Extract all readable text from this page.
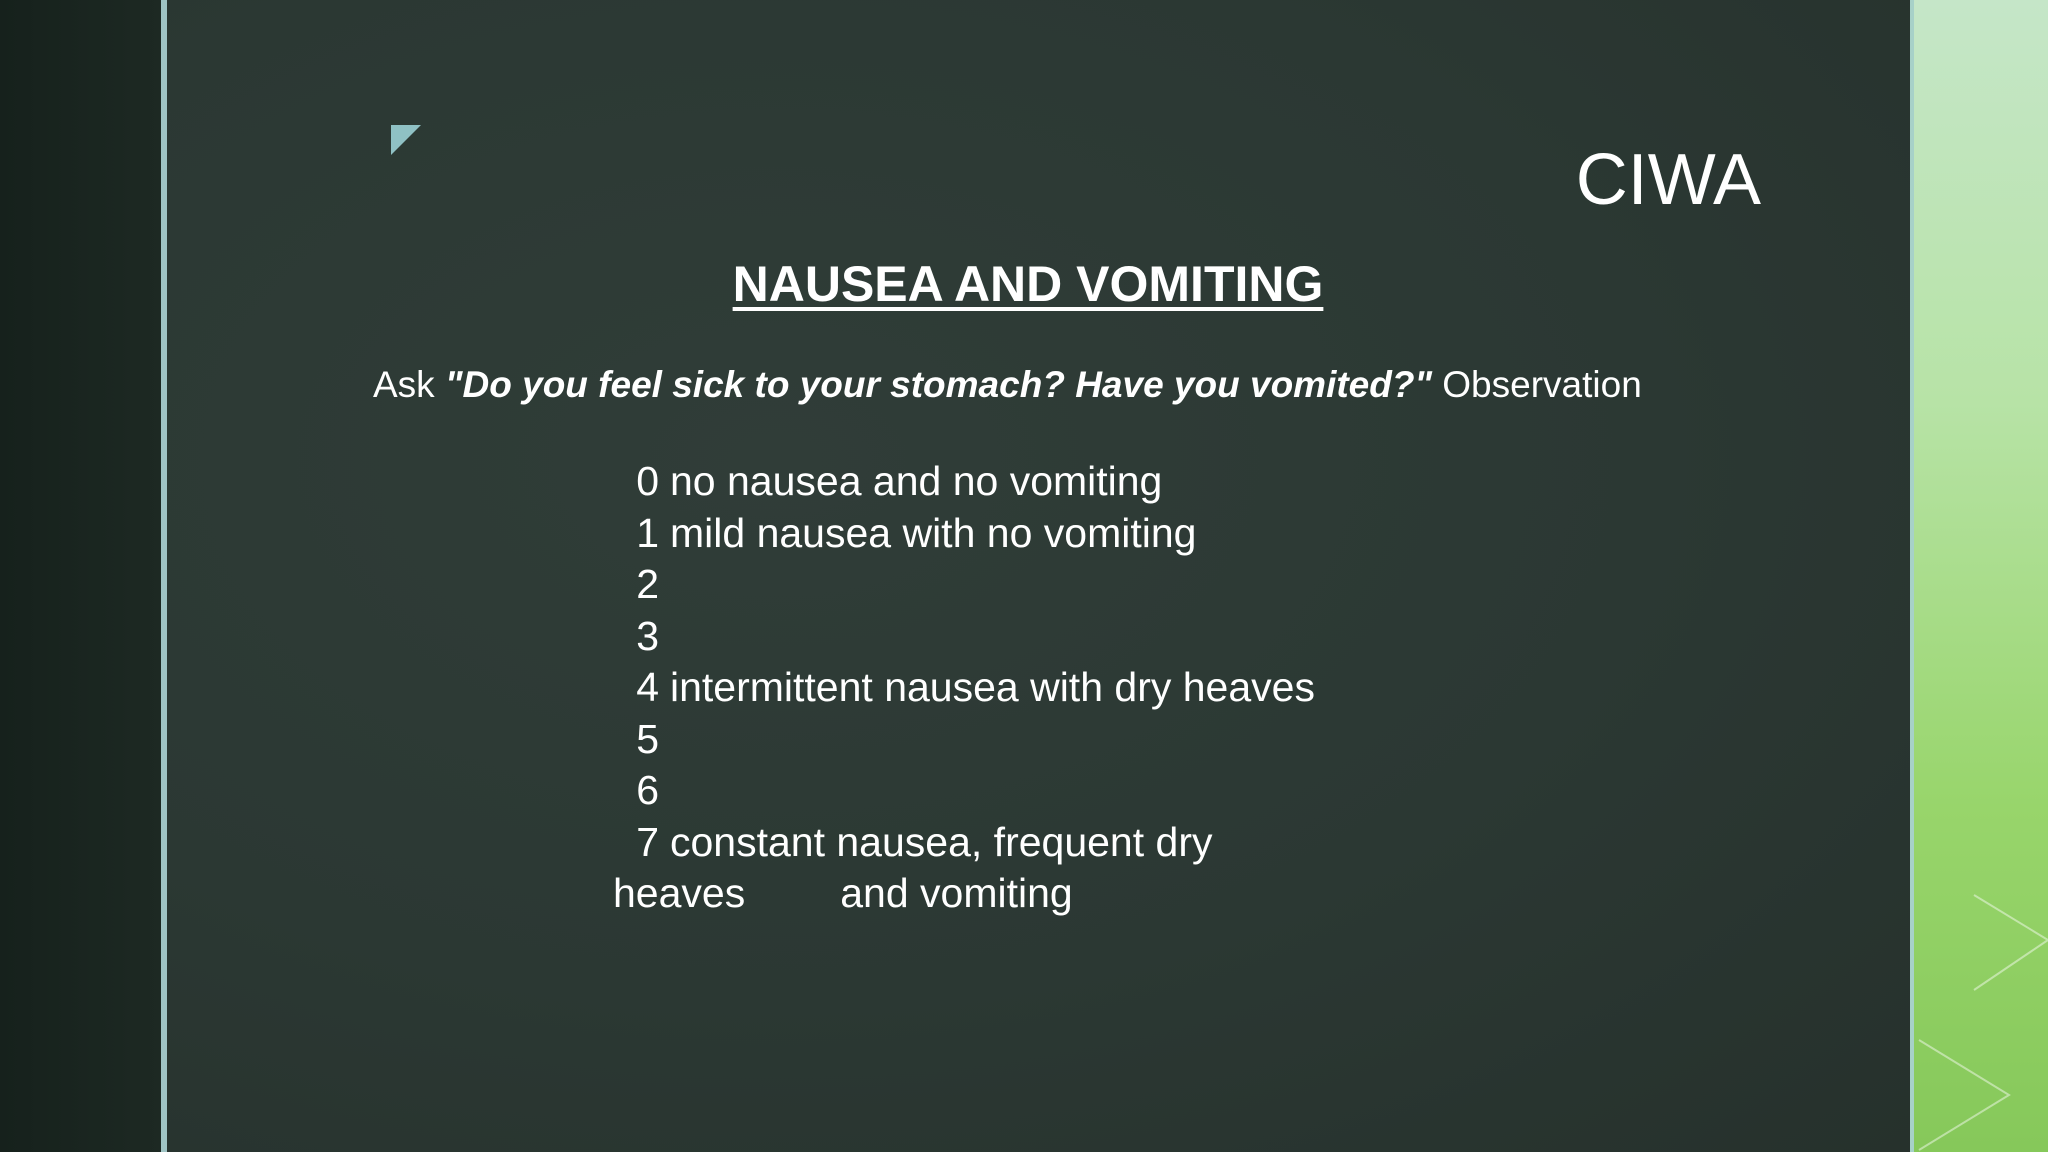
CIWA
NAUSEA AND VOMITING
Ask "Do you feel sick to your stomach? Have you vomited?" Observation
0 no nausea and no vomiting
1 mild nausea with no vomiting
2
3
4 intermittent nausea with dry heaves
5
6
7 constant nausea, frequent dry
heaves and vomiting
